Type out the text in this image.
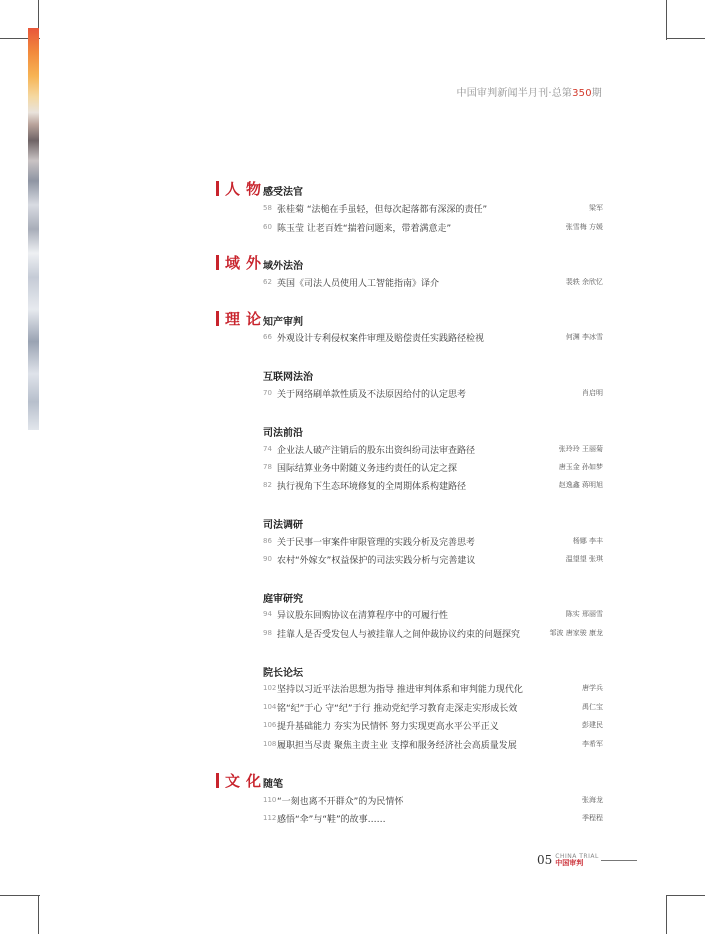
中国审判新闻半月刊·总第350期
人物
感受法官
58 张桂菊 “法槌在手虽轻，但每次起落都有深深的责任”	梁军
60 陈玉莹 让老百姓“揣着问题来，带着满意走”	张雪梅 方媛
域外
域外法治
62 英国《司法人员使用人工智能指南》译介	裴轶 余欣忆
理论
知产审判
66 外观设计专利侵权案件审理及赔偿责任实践路径检视	何渊 李冰雪
互联网法治
70 关于网络刷单款性质及不法原因给付的认定思考	肖启明
司法前沿
74 企业法人破产注销后的股东出资纠纷司法审查路径	张玲玲 王丽菊
78 国际结算业务中附随义务违约责任的认定之探	唐玉金 孙如梦
82 执行视角下生态环境修复的全周期体系构建路径	赵逸鑫 蒋明旭
司法调研
86 关于民事一审案件审限管理的实践分析及完善思考	杨娜 李丰
90 农村“外嫁女”权益保护的司法实践分析与完善建议	温望望 张琪
庭审研究
94 异议股东回购协议在清算程序中的可履行性	陈实 邢丽雪
98 挂靠人是否受发包人与被挂靠人之间仲裁协议约束的问题探究	邹波 唐家骏 康龙
院长论坛
102 坚持以习近平法治思想为指导 推进审判体系和审判能力现代化	唐学兵
104 铭“纪”于心 守“纪”于行 推动党纪学习教育走深走实形成长效	禹仁宝
106 提升基础能力 夯实为民情怀 努力实现更高水平公平正义	彭建民
108 履职担当尽责 聚焦主责主业 支撑和服务经济社会高质量发展	李希军
文化
随笔
110 “一刻也离不开群众”的为民情怀	张海龙
112 感悟“伞”与“鞋”的故事……	季程程
05 CHINA TRIAL
中国审判
